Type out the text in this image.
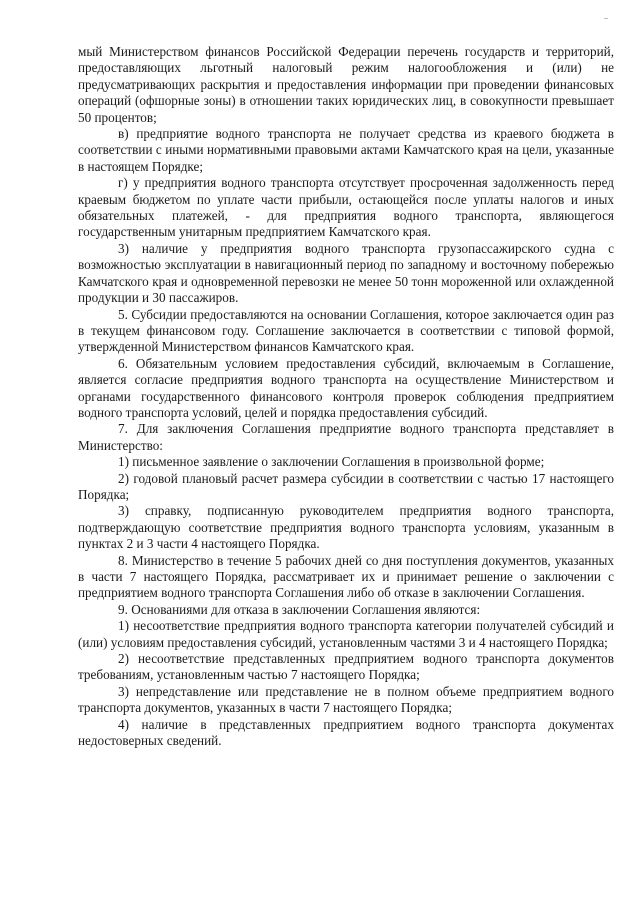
мый Министерством финансов Российской Федерации перечень государств и территорий, предоставляющих льготный налоговый режим налогообложения и (или) не предусматривающих раскрытия и предоставления информации при проведении финансовых операций (офшорные зоны) в отношении таких юридических лиц, в совокупности превышает 50 процентов;

в) предприятие водного транспорта не получает средства из краевого бюджета в соответствии с иными нормативными правовыми актами Камчатского края на цели, указанные в настоящем Порядке;

г) у предприятия водного транспорта отсутствует просроченная задолженность перед краевым бюджетом по уплате части прибыли, остающейся после уплаты налогов и иных обязательных платежей, - для предприятия водного транспорта, являющегося государственным унитарным предприятием Камчатского края.

3) наличие у предприятия водного транспорта грузопассажирского судна с возможностью эксплуатации в навигационный период по западному и восточному побережью Камчатского края и одновременной перевозки не менее 50 тонн мороженной или охлажденной продукции и 30 пассажиров.

5. Субсидии предоставляются на основании Соглашения, которое заключается один раз в текущем финансовом году. Соглашение заключается в соответствии с типовой формой, утвержденной Министерством финансов Камчатского края.

6. Обязательным условием предоставления субсидий, включаемым в Соглашение, является согласие предприятия водного транспорта на осуществление Министерством и органами государственного финансового контроля проверок соблюдения предприятием водного транспорта условий, целей и порядка предоставления субсидий.

7. Для заключения Соглашения предприятие водного транспорта представляет в Министерство:

1) письменное заявление о заключении Соглашения в произвольной форме;

2) годовой плановый расчет размера субсидии в соответствии с частью 17 настоящего Порядка;

3) справку, подписанную руководителем предприятия водного транспорта, подтверждающую соответствие предприятия водного транспорта условиям, указанным в пунктах 2 и 3 части 4 настоящего Порядка.

8. Министерство в течение 5 рабочих дней со дня поступления документов, указанных в части 7 настоящего Порядка, рассматривает их и принимает решение о заключении с предприятием водного транспорта Соглашения либо об отказе в заключении Соглашения.

9. Основаниями для отказа в заключении Соглашения являются:

1) несоответствие предприятия водного транспорта категории получателей субсидий и (или) условиям предоставления субсидий, установленным частями 3 и 4 настоящего Порядка;

2) несоответствие представленных предприятием водного транспорта документов требованиям, установленным частью 7 настоящего Порядка;

3) непредставление или представление не в полном объеме предприятием водного транспорта документов, указанных в части 7 настоящего Порядка;

4) наличие в представленных предприятием водного транспорта документах недостоверных сведений.
